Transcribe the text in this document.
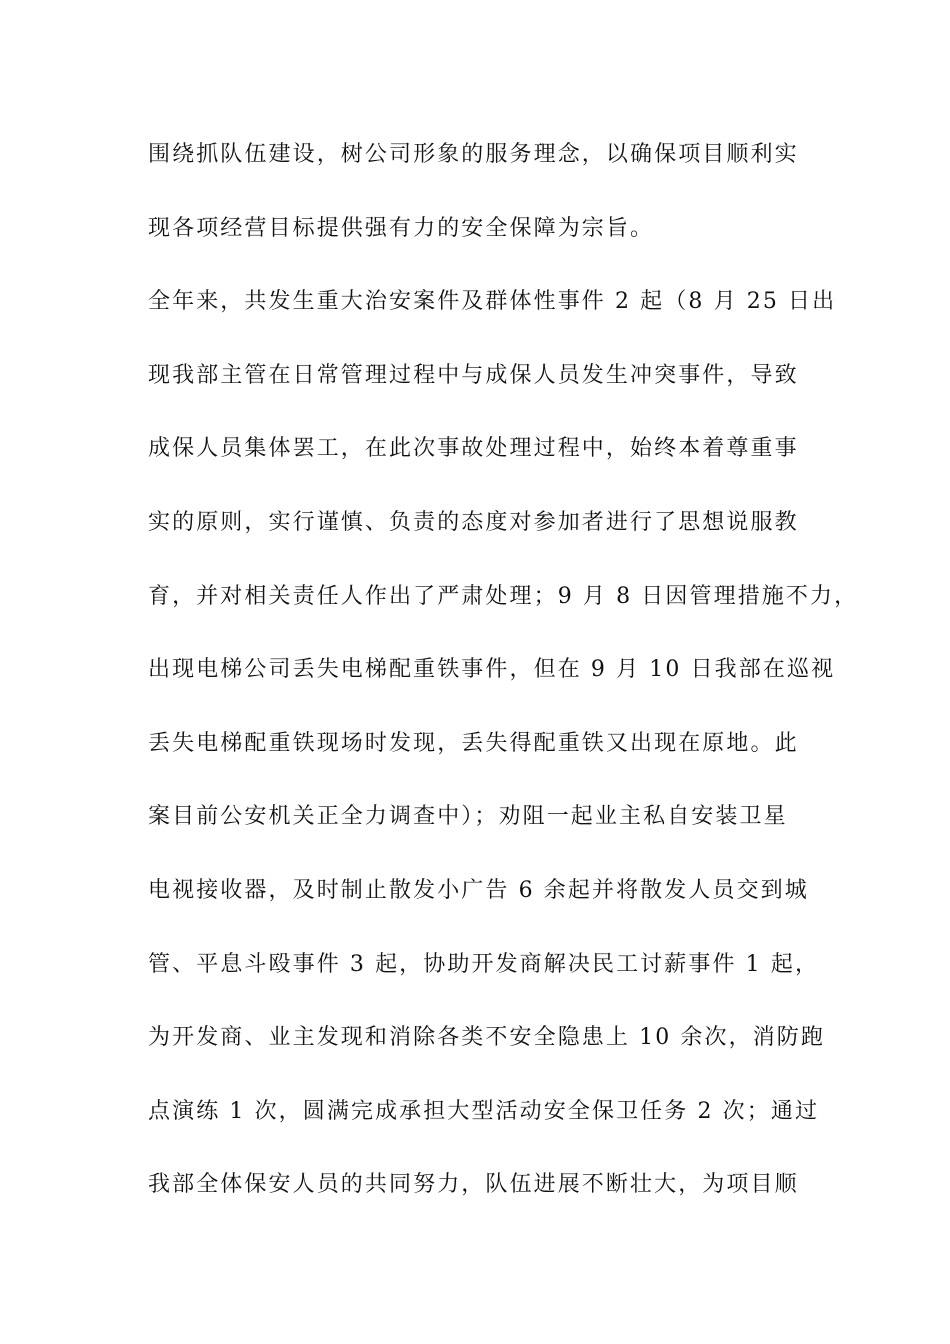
围绕抓队伍建设，树公司形象的服务理念，以确保项目顺利实

现各项经营目标提供强有力的安全保障为宗旨。

全年来，共发生重大治安案件及群体性事件 2 起（8 月 25 日出

现我部主管在日常管理过程中与成保人员发生冲突事件，导致

成保人员集体罢工，在此次事故处理过程中，始终本着尊重事

实的原则，实行谨慎、负责的态度对参加者进行了思想说服教

育，并对相关责任人作出了严肃处理；9 月 8 日因管理措施不力，

出现电梯公司丢失电梯配重铁事件，但在 9 月 10 日我部在巡视

丢失电梯配重铁现场时发现，丢失得配重铁又出现在原地。此

案目前公安机关正全力调查中）；劝阻一起业主私自安装卫星

电视接收器，及时制止散发小广告 6 余起并将散发人员交到城

管、平息斗殴事件 3 起，协助开发商解决民工讨薪事件 1 起，

为开发商、业主发现和消除各类不安全隐患上 10 余次，消防跑

点演练 1 次，圆满完成承担大型活动安全保卫任务 2 次；通过

我部全体保安人员的共同努力，队伍进展不断壮大，为项目顺
